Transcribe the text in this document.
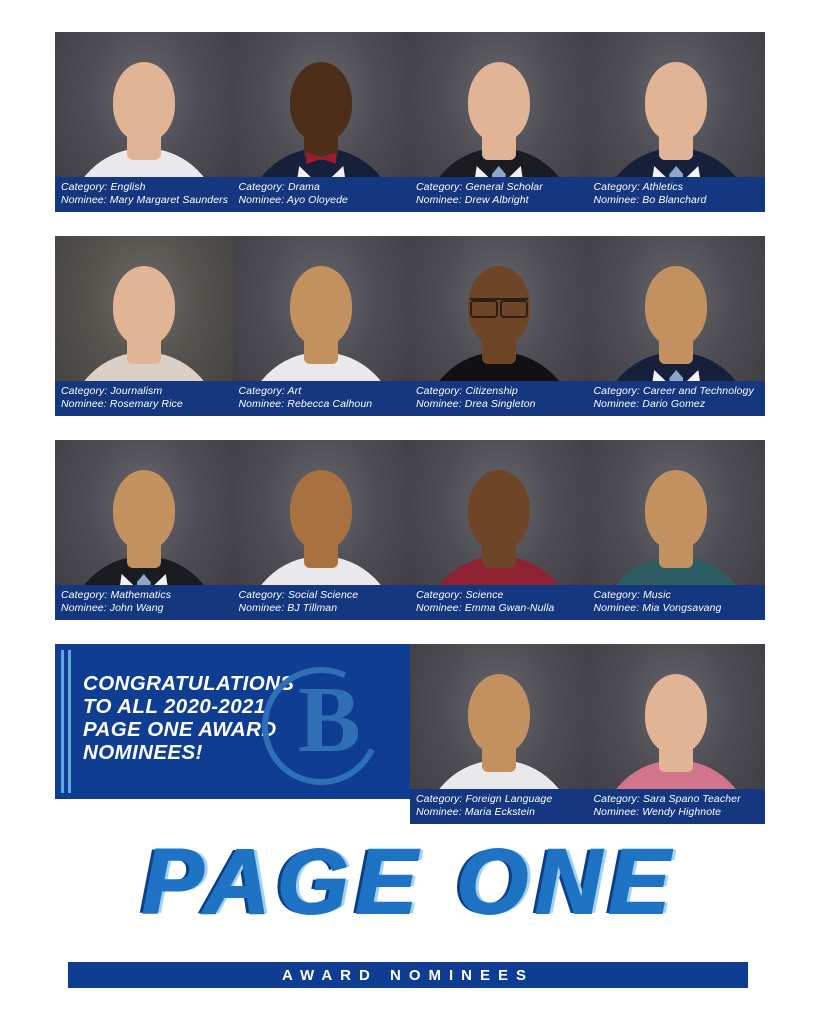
Category: English
Nominee: Mary Margaret Saunders
Category: Drama
Nominee: Ayo Oloyede
Category: General Scholar
Nominee: Drew Albright
Category: Athletics
Nominee: Bo Blanchard
Category: Journalism
Nominee: Rosemary Rice
Category: Art
Nominee: Rebecca Calhoun
Category: Citizenship
Nominee: Drea Singleton
Category: Career and Technology
Nominee: Dario Gomez
Category: Mathematics
Nominee: John Wang
Category: Social Science
Nominee: BJ Tillman
Category: Science
Nominee: Emma Gwan-Nulla
Category: Music
Nominee: Mia Vongsavang
Category: Foreign Language
Nominee: Maria Eckstein
Category: Sara Spano Teacher
Nominee: Wendy Highnote
CONGRATULATIONS TO ALL 2020-2021 PAGE ONE AWARD NOMINEES!	B
PAGE ONE
AWARD NOMINEES
